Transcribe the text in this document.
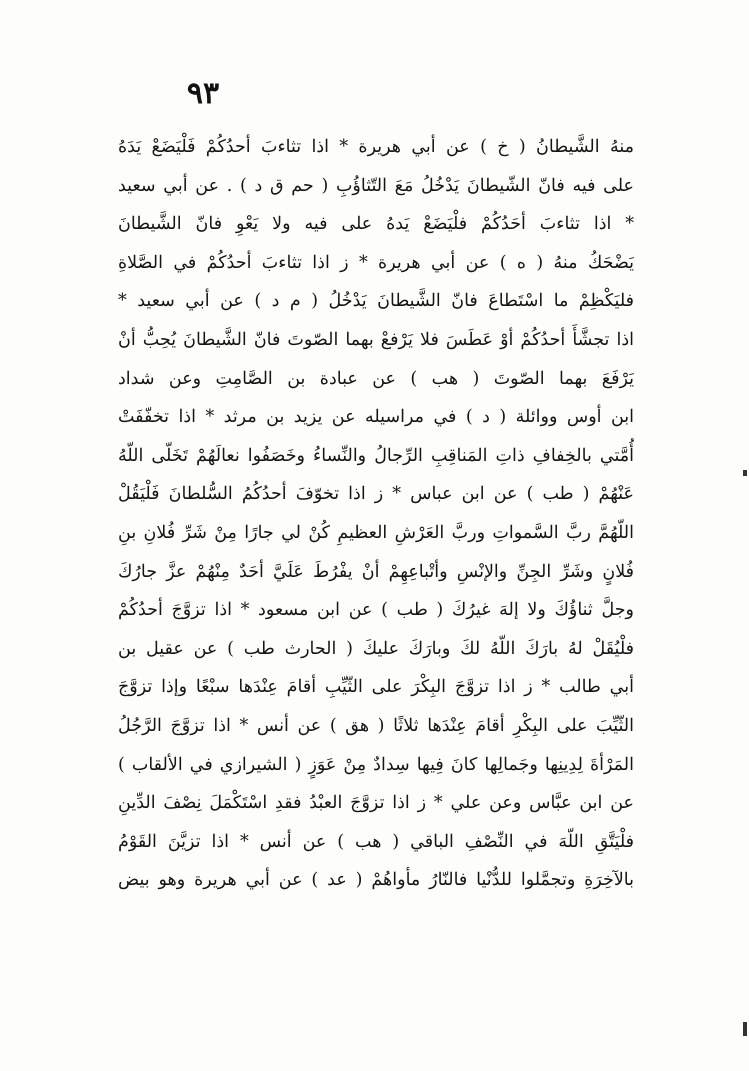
٩٣
منهُ الشَّيطانُ ( خ ) عن أبي هريرة * اذا تثاءبَ أحدُكُمْ فَلْيَضَعْ يَدَهُ
على فيه فانّ الشّيطانَ يَدْخُلُ مَعَ التّثاؤُبِ ( حم ق د ) . عن أبي سعيد
* اذا تثاءبَ أحَدُكُمْ فلْيَضَعْ يَدهُ على فيه ولا يَعْوِ فانّ الشَّيطانَ
يَضْحَكُ منهُ ( ه ) عن أبي هريرة * ز اذا تثاءبَ أحدُكُمْ في الصَّلاةِ
فليَكْظِمْ ما اسْتَطاعَ فانّ الشَّيطانَ يَدْخُلُ ( م د ) عن أبي سعيد *
اذا تجشَّأَ أحدُكُمْ أوْ عَطَسَ فلا يَرْفعْ بهما الصّوتَ فانّ الشَّيطانَ يُحِبُّ أنْ
يَرْفَعَ بهما الصّوتَ ( هب ) عن عبادة بن الصَّامِتِ وعن شداد
ابن أوس ووائلة ( د ) في مراسيله عن يزيد بن مرثد * اذا تخفّفَتْ
أُمَّتي بالخِفافِ ذاتِ المَناقِبِ الرِّجالُ والنِّساءُ وخَصَفُوا نعالَهُمْ تَخَلّى اللّهُ
عَنْهُمْ ( طب ) عن ابن عباس * ز اذا تخوّفَ أحدُكُمُ السُّلطانَ فَلْيَقُلْ
اللّهُمَّ ربَّ السَّمواتِ وربَّ العَرْشِ العظيمِ كُنْ لي جارًا مِنْ شَرِّ فُلانِ بنِ
فُلانٍ وشَرِّ الجِنِّ والإنْسِ وأتْباعِهِمْ أنْ يفْرُطَ عَلَيَّ أحَدٌ مِنْهُمْ عزَّ جارُكَ
وجلَّ ثناؤُكَ ولا إلهَ غيرُكَ ( طب ) عن ابن مسعود * اذا تزوَّجَ أحدُكُمْ
فلْيُقَلْ لهُ بارَكَ اللّهُ لكَ وبارَكَ عليكَ ( الحارث طب ) عن عقيل بن
أبي طالب * ز اذا تزوَّجَ البِكْرَ على الثّيِّبِ أقامَ عِنْدَها سبْعًا وإذا تزوَّجَ
الثّيِّبَ على البِكْرِ أقامَ عِنْدَها ثلاثًا ( هق ) عن أنس * اذا تزوَّجَ الرَّجُلُ
المَرْأةَ لِدِينِها وجَمالِها كانَ فِيها سِدادٌ مِنْ عَوَزٍ ( الشيرازي في الألقاب )
عن ابن عبَّاس وعن علي * ز اذا تزوَّجَ العبْدُ فقدِ اسْتَكْمَلَ نِصْفَ الدِّينِ
فلْيَتَّقِ اللّهَ في النِّصْفِ الباقي ( هب ) عن أنس * اذا تزيَّنَ القَوْمُ
بالآخِرَةِ وتجمَّلوا للدُّنْيا فالنّارُ مأواهُمْ ( عد ) عن أبي هريرة وهو بيض
